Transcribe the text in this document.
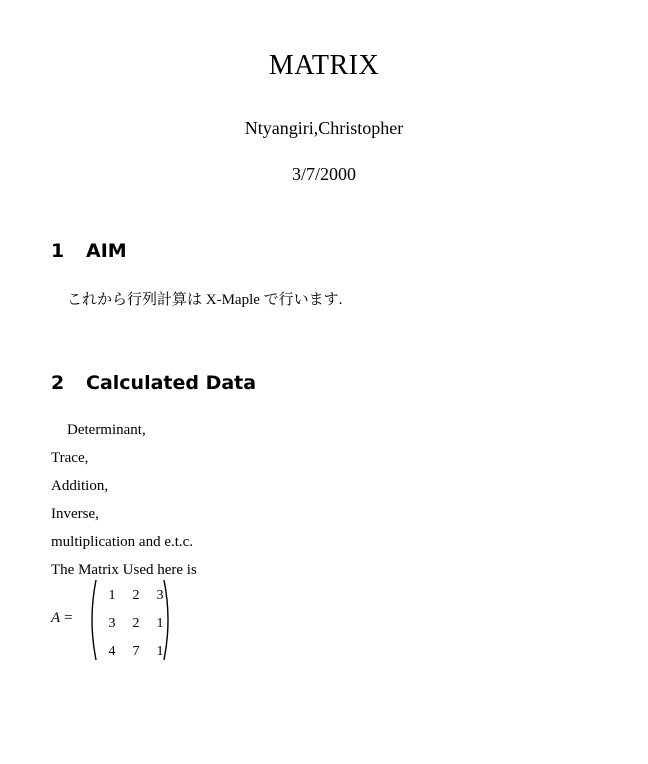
MATRIX
Ntyangiri,Christopher
3/7/2000
1 AIM
これから行列計算は X-Maple で行います.
2 Calculated Data
Determinant,
Trace,
Addition,
Inverse,
multiplication and e.t.c.
The Matrix Used here is
A =
1	2	3
3	2	1
4	7	1
